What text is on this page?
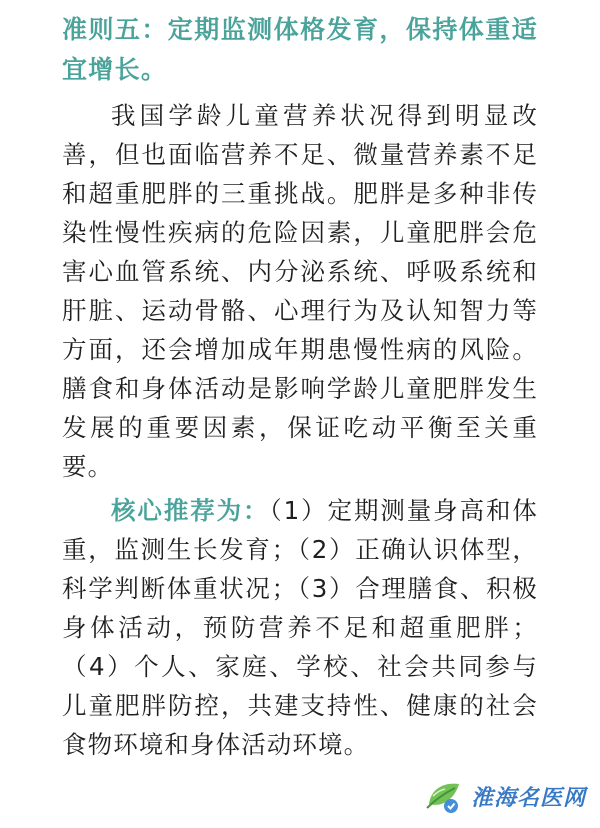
准则五：定期监测体格发育，保持体重适宜增长。

我国学龄儿童营养状况得到明显改善，但也面临营养不足、微量营养素不足和超重肥胖的三重挑战。肥胖是多种非传染性慢性疾病的危险因素，儿童肥胖会危害心血管系统、内分泌系统、呼吸系统和肝脏、运动骨骼、心理行为及认知智力等方面，还会增加成年期患慢性病的风险。膳食和身体活动是影响学龄儿童肥胖发生发展的重要因素，保证吃动平衡至关重要。

核心推荐为：（1）定期测量身高和体重，监测生长发育；（2）正确认识体型，科学判断体重状况；（3）合理膳食、积极身体活动，预防营养不足和超重肥胖；（4）个人、家庭、学校、社会共同参与儿童肥胖防控，共建支持性、健康的社会食物环境和身体活动环境。

淮海名医网
